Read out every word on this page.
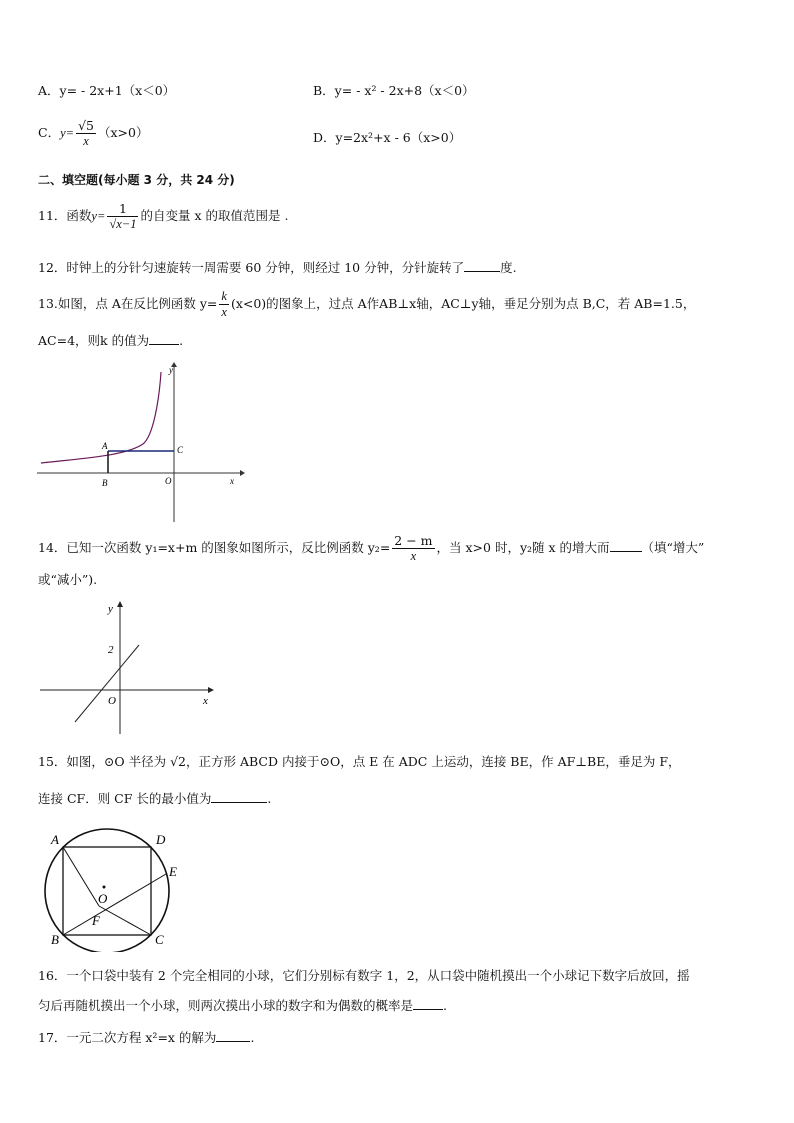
A．y= - 2x+1（x＜0）	B．y= - x² - 2x+8（x＜0）
C．$y= \frac{√5}{x} (x>0)$	D．y=2x²+x - 6（x>0）
二、填空题(每小题 3 分，共 24 分)
11．函数$y= \frac{1}{√x-1}$ 的自变量 x 的取值范围是 .
12．时钟上的分针匀速旋转一周需要 60 分钟，则经过 10 分钟，分针旋转了	度.
13.如图，点 A在反比例函数 $y= \frac{k}{x} (x<0)$的图象上，过点 A作AB⊥x轴，AC⊥y轴，垂足分别为点 B,C，若 AB=1.5，
AC=4，则k 的值为 .
y
x
A
B
C
O
14．已知一次函数 y₁=x+m 的图象如图所示，反比例函数 $y_2= \frac{2 - m}{x}$ ，当 x>0 时，y₂随 x 的增大而	（填“增大”
或“减小”).
y
x
2
O
15．如图，⊙O 半径为 √2，正方形 ABCD 内接于⊙O，点 E 在 ADC 上运动，连接 BE，作 AF⊥BE，垂足为 F，
连接 CF．则 CF 长的最小值为	.
A	D
E
O
F
B	C
16．一个口袋中装有 2 个完全相同的小球，它们分别标有数字 1，2，从口袋中随机摸出一个小球记下数字后放回，摇
匀后再随机摸出一个小球，则两次摸出小球的数字和为偶数的概率是 .
17．一元二次方程 x²=x 的解为	.
